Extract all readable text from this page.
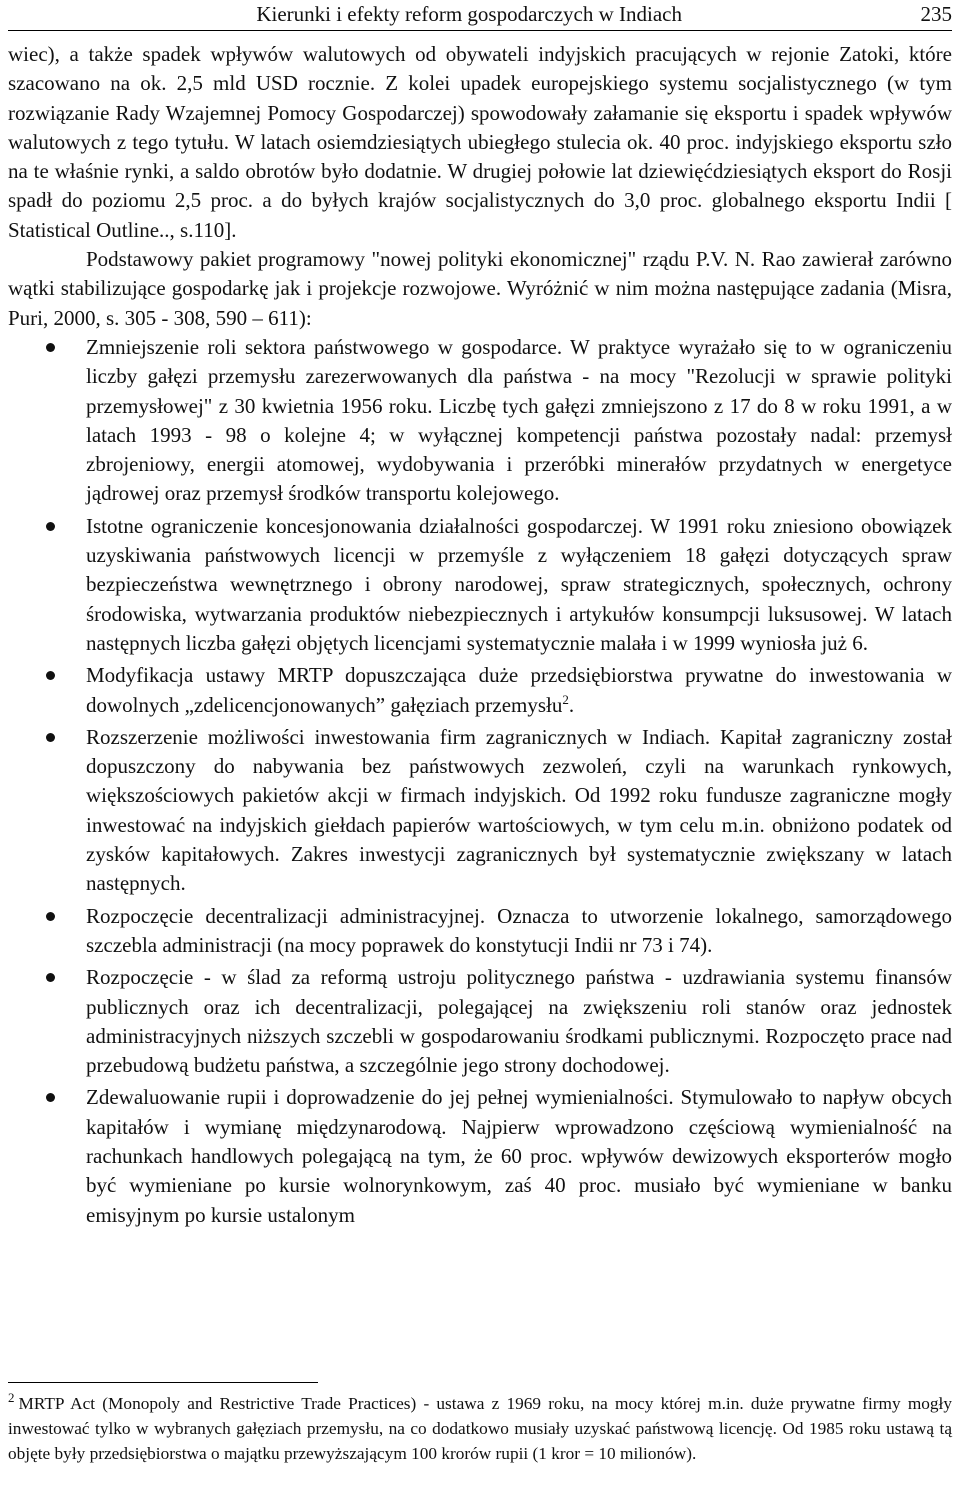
Kierunki i efekty reform gospodarczych w Indiach	235

wiec), a także spadek wpływów walutowych od obywateli indyjskich pracujących w rejonie Zatoki, które szacowano na ok. 2,5 mld USD rocznie. Z kolei upadek europejskiego systemu socjalistycznego (w tym rozwiązanie Rady Wzajemnej Pomocy Gospodarczej) spowodowały załamanie się eksportu i spadek wpływów walutowych z tego tytułu. W latach osiemdziesiątych ubiegłego stulecia ok. 40 proc. indyjskiego eksportu szło na te właśnie rynki, a saldo obrotów było dodatnie. W drugiej połowie lat dziewięćdziesiątych eksport do Rosji spadł do poziomu 2,5 proc. a do byłych krajów socjalistycznych do 3,0 proc. globalnego eksportu Indii [ Statistical Outline.., s.110].

Podstawowy pakiet programowy "nowej polityki ekonomicznej" rządu P.V. N. Rao zawierał zarówno wątki stabilizujące gospodarkę jak i projekcje rozwojowe. Wyróżnić w nim można następujące zadania (Misra, Puri, 2000, s. 305 - 308, 590 – 611):

Zmniejszenie roli sektora państwowego w gospodarce. W praktyce wyrażało się to w ograniczeniu liczby gałęzi przemysłu zarezerwowanych dla państwa - na mocy "Rezolucji w sprawie polityki przemysłowej" z 30 kwietnia 1956 roku. Liczbę tych gałęzi zmniejszono z 17 do 8 w roku 1991, a w latach 1993 - 98 o kolejne 4; w wyłącznej kompetencji państwa pozostały nadal: przemysł zbrojeniowy, energii atomowej, wydobywania i przeróbki minerałów przydatnych w energetyce jądrowej oraz przemysł środków transportu kolejowego.
Istotne ograniczenie koncesjonowania działalności gospodarczej. W 1991 roku zniesiono obowiązek uzyskiwania państwowych licencji w przemyśle z wyłączeniem 18 gałęzi dotyczących spraw bezpieczeństwa wewnętrznego i obrony narodowej, spraw strategicznych, społecznych, ochrony środowiska, wytwarzania produktów niebezpiecznych i artykułów konsumpcji luksusowej. W latach następnych liczba gałęzi objętych licencjami systematycznie malała i w 1999 wyniosła już 6.
Modyfikacja ustawy MRTP dopuszczająca duże przedsiębiorstwa prywatne do inwestowania w dowolnych „zdelicencjonowanych” gałęziach przemysłu$^2$.
Rozszerzenie możliwości inwestowania firm zagranicznych w Indiach. Kapitał zagraniczny został dopuszczony do nabywania bez państwowych zezwoleń, czyli na warunkach rynkowych, większościowych pakietów akcji w firmach indyjskich. Od 1992 roku fundusze zagraniczne mogły inwestować na indyjskich giełdach papierów wartościowych, w tym celu m.in. obniżono podatek od zysków kapitałowych. Zakres inwestycji zagranicznych był systematycznie zwiększany w latach następnych.
Rozpoczęcie decentralizacji administracyjnej. Oznacza to utworzenie lokalnego, samorządowego szczebla administracji (na mocy poprawek do konstytucji Indii nr 73 i 74).
Rozpoczęcie - w ślad za reformą ustroju politycznego państwa - uzdrawiania systemu finansów publicznych oraz ich decentralizacji, polegającej na zwiększeniu roli stanów oraz jednostek administracyjnych niższych szczebli w gospodarowaniu środkami publicznymi. Rozpoczęto prace nad przebudową budżetu państwa, a szczególnie jego strony dochodowej.
Zdewaluowanie rupii i doprowadzenie do jej pełnej wymienialności. Stymulowało to napływ obcych kapitałów i wymianę międzynarodową. Najpierw wprowadzono częściową wymienialność na rachunkach handlowych polegającą na tym, że 60 proc. wpływów dewizowych eksporterów mogło być wymieniane po kursie wolnorynkowym, zaś 40 proc. musiało być wymieniane w banku emisyjnym po kursie ustalonym
$^2$ MRTP Act (Monopoly and Restrictive Trade Practices) - ustawa z 1969 roku, na mocy której m.in. duże prywatne firmy mogły inwestować tylko w wybranych gałęziach przemysłu, na co dodatkowo musiały uzyskać państwową licencję. Od 1985 roku ustawą tą objęte były przedsiębiorstwa o majątku przewyższającym 100 krorów rupii (1 kror = 10 milionów).
